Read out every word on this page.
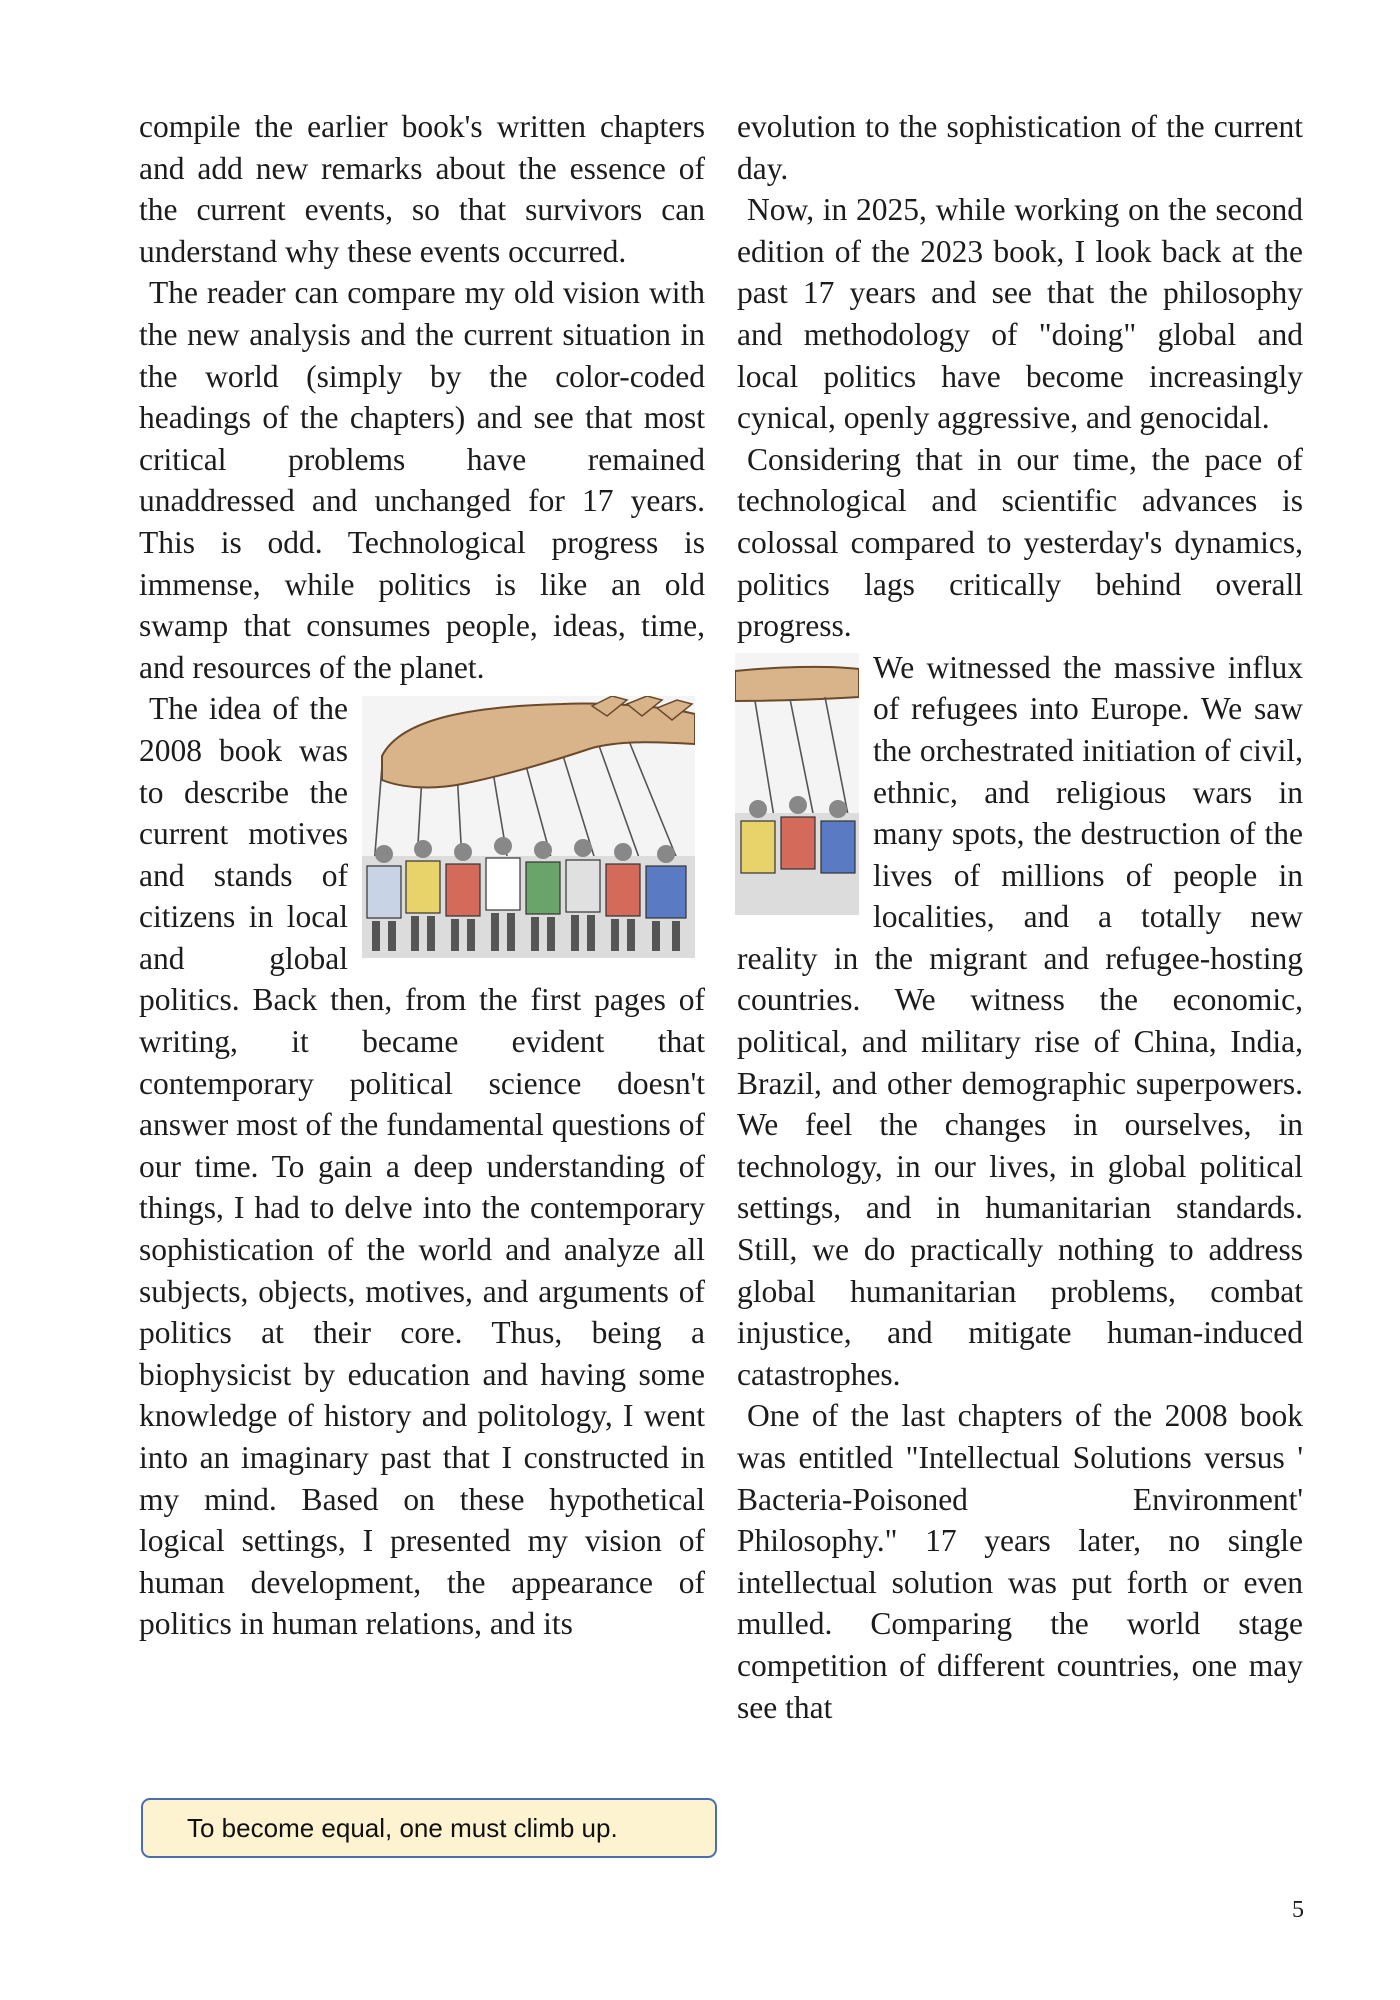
compile the earlier book's written chapters and add new remarks about the essence of the current events, so that survivors can understand why these events occurred.

The reader can compare my old vision with the new analysis and the current situation in the world (simply by the color-coded headings of the chapters) and see that most critical problems have remained unaddressed and unchanged for 17 years. This is odd. Technological progress is immense, while politics is like an old swamp that consumes people, ideas, time, and resources of the planet.

The idea of the 2008 book was to describe the current motives and stands of citizens in local and global politics. Back then, from the first pages of writing, it became evident that contemporary political science doesn't answer most of the fundamental questions of our time. To gain a deep understanding of things, I had to delve into the contemporary sophistication of the world and analyze all subjects, objects, motives, and arguments of politics at their core. Thus, being a biophysicist by education and having some knowledge of history and politology, I went into an imaginary past that I constructed in my mind. Based on these hypothetical logical settings, I presented my vision of human development, the appearance of politics in human relations, and its

evolution to the sophistication of the current day.

Now, in 2025, while working on the second edition of the 2023 book, I look back at the past 17 years and see that the philosophy and methodology of "doing" global and local politics have become increasingly cynical, openly aggressive, and genocidal.

Considering that in our time, the pace of technological and scientific advances is colossal compared to yesterday's dynamics, politics lags critically behind overall progress.

We witnessed the massive influx of refugees into Europe. We saw the orchestrated initiation of civil, ethnic, and religious wars in many spots, the destruction of the lives of millions of people in localities, and a totally new reality in the migrant and refugee-hosting countries. We witness the economic, political, and military rise of China, India, Brazil, and other demographic superpowers. We feel the changes in ourselves, in technology, in our lives, in global political settings, and in humanitarian standards. Still, we do practically nothing to address global humanitarian problems, combat injustice, and mitigate human-induced catastrophes.

One of the last chapters of the 2008 book was entitled "Intellectual Solutions versus ' Bacteria-Poisoned Environment' Philosophy." 17 years later, no single intellectual solution was put forth or even mulled. Comparing the world stage competition of different countries, one may see that

To become equal, one must climb up.
5
